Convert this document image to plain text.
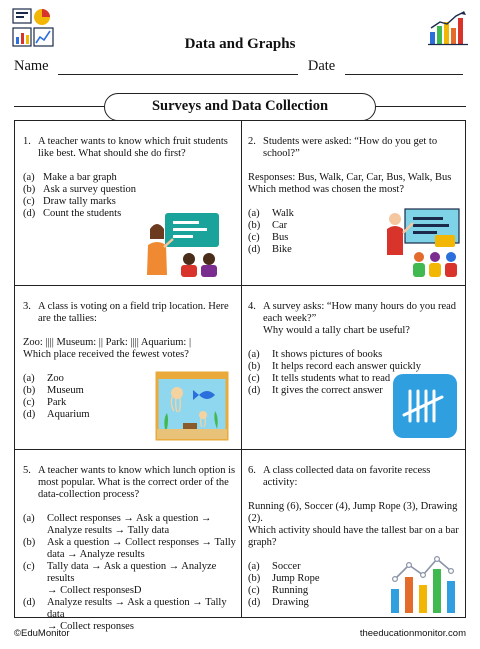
Data and Graphs
Name	Date
Surveys and Data Collection
1. A teacher wants to know which fruit students like best. What should she do first?
(a) Make a bar graph
(b) Ask a survey question
(c) Draw tally marks
(d) Count the students
2. Students were asked: “How do you get to school?”

Responses: Bus, Walk, Car, Car, Bus, Walk, Bus

Which method was chosen the most?

(a)	Walk
(b)	Car
(c)	Bus
(d)	Bike
3. A class is voting on a field trip location. Here are the tallies:

Zoo: |||| Museum: || Park: |||| Aquarium: |

Which place received the fewest votes?

(a)	Zoo
(b)	Museum
(c)	Park
(d)	Aquarium
4. A survey asks: “How many hours do you read each week?”

Why would a tally chart be useful?

(a)	It shows pictures of books
(b)	It helps record each answer quickly
(c)	It tells students what to read
(d)	It gives the correct answer
5. A teacher wants to know which lunch option is most popular. What is the correct order of the data-collection process?
(a)	Collect responses → Ask a question →
Analyze results → Tally data
(b)	Ask a question → Collect responses → Tally
data → Analyze results
(c)	Tally data → Ask a question → Analyze results
→ Collect responsesD
(d)	Analyze results → Ask a question → Tally data
→ Collect responses
6. A class collected data on favorite recess activity:

Running (6), Soccer (4), Jump Rope (3), Drawing (2).

Which activity should have the tallest bar on a bar graph?

(a)	Soccer
(b)	Jump Rope
(c)	Running
(d)	Drawing
©EduMonitor	theeducationmonitor.com
